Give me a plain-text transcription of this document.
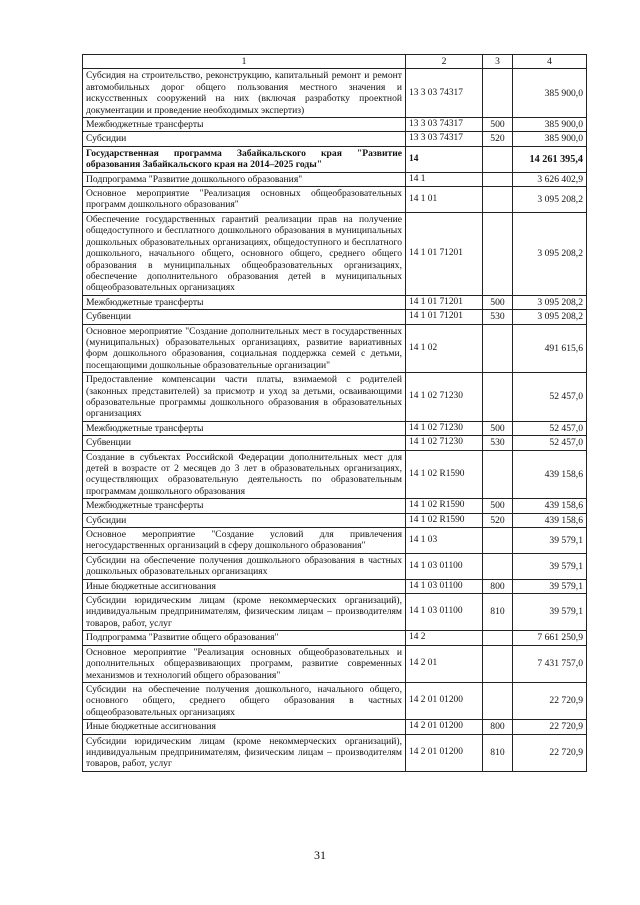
1	2	3	4
Субсидия на строительство, реконструкцию, капитальный ремонт и ремонт автомобильных дорог общего пользования местного значения и искусственных сооружений на них (включая разработку проектной документации и проведение необходимых экспертиз)	13 3 03 74317		385 900,0
Межбюджетные трансферты	13 3 03 74317	500	385 900,0
Субсидии	13 3 03 74317	520	385 900,0
Государственная программа Забайкальского края "Развитие образования Забайкальского края на 2014–2025 годы"	14		14 261 395,4
Подпрограмма "Развитие дошкольного образования"	14 1		3 626 402,9
Основное мероприятие "Реализация основных общеобразовательных программ дошкольного образования"	14 1 01		3 095 208,2
Обеспечение государственных гарантий реализации прав на получение общедоступного и бесплатного дошкольного образования в муниципальных дошкольных образовательных организациях, общедоступного и бесплатного дошкольного, начального общего, основного общего, среднего общего образования в муниципальных общеобразовательных организациях, обеспечение дополнительного образования детей в муниципальных общеобразовательных организациях	14 1 01 71201		3 095 208,2
Межбюджетные трансферты	14 1 01 71201	500	3 095 208,2
Субвенции	14 1 01 71201	530	3 095 208,2
Основное мероприятие "Создание дополнительных мест в государственных (муниципальных) образовательных организациях, развитие вариативных форм дошкольного образования, социальная поддержка семей с детьми, посещающими дошкольные образовательные организации"	14 1 02		491 615,6
Предоставление компенсации части платы, взимаемой с родителей (законных представителей) за присмотр и уход за детьми, осваивающими образовательные программы дошкольного образования в образовательных организациях	14 1 02 71230		52 457,0
Межбюджетные трансферты	14 1 02 71230	500	52 457,0
Субвенции	14 1 02 71230	530	52 457,0
Создание в субъектах Российской Федерации дополнительных мест для детей в возрасте от 2 месяцев до 3 лет в образовательных организациях, осуществляющих образовательную деятельность по образовательным программам дошкольного образования	14 1 02 R1590		439 158,6
Межбюджетные трансферты	14 1 02 R1590	500	439 158,6
Субсидии	14 1 02 R1590	520	439 158,6
Основное мероприятие "Создание условий для привлечения негосударственных организаций в сферу дошкольного образования"	14 1 03		39 579,1
Субсидии на обеспечение получения дошкольного образования в частных дошкольных образовательных организациях	14 1 03 01100		39 579,1
Иные бюджетные ассигнования	14 1 03 01100	800	39 579,1
Субсидии юридическим лицам (кроме некоммерческих организаций), индивидуальным предпринимателям, физическим лицам – производителям товаров, работ, услуг	14 1 03 01100	810	39 579,1
Подпрограмма "Развитие общего образования"	14 2		7 661 250,9
Основное мероприятие "Реализация основных общеобразовательных и дополнительных общеразвивающих программ, развитие современных механизмов и технологий общего образования"	14 2 01		7 431 757,0
Субсидии на обеспечение получения дошкольного, начального общего, основного общего, среднего общего образования в частных общеобразовательных организациях	14 2 01 01200		22 720,9
Иные бюджетные ассигнования	14 2 01 01200	800	22 720,9
Субсидии юридическим лицам (кроме некоммерческих организаций), индивидуальным предпринимателям, физическим лицам – производителям товаров, работ, услуг	14 2 01 01200	810	22 720,9
31
